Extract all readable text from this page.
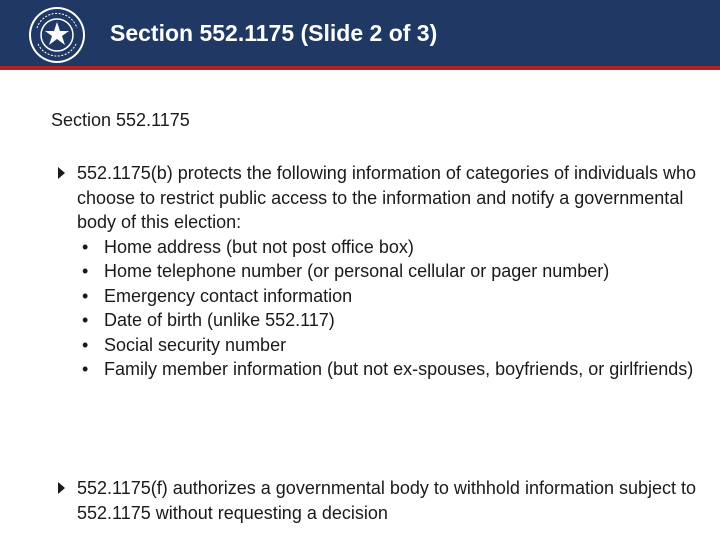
Section 552.1175 (Slide 2 of 3)
Section 552.1175
552.1175(b) protects the following information of categories of individuals who choose to restrict public access to the information and notify a governmental body of this election:
• Home address (but not post office box)
• Home telephone number (or personal cellular or pager number)
• Emergency contact information
• Date of birth (unlike 552.117)
• Social security number
• Family member information (but not ex-spouses, boyfriends, or girlfriends)
552.1175(f) authorizes a governmental body to withhold information subject to 552.1175 without requesting a decision
